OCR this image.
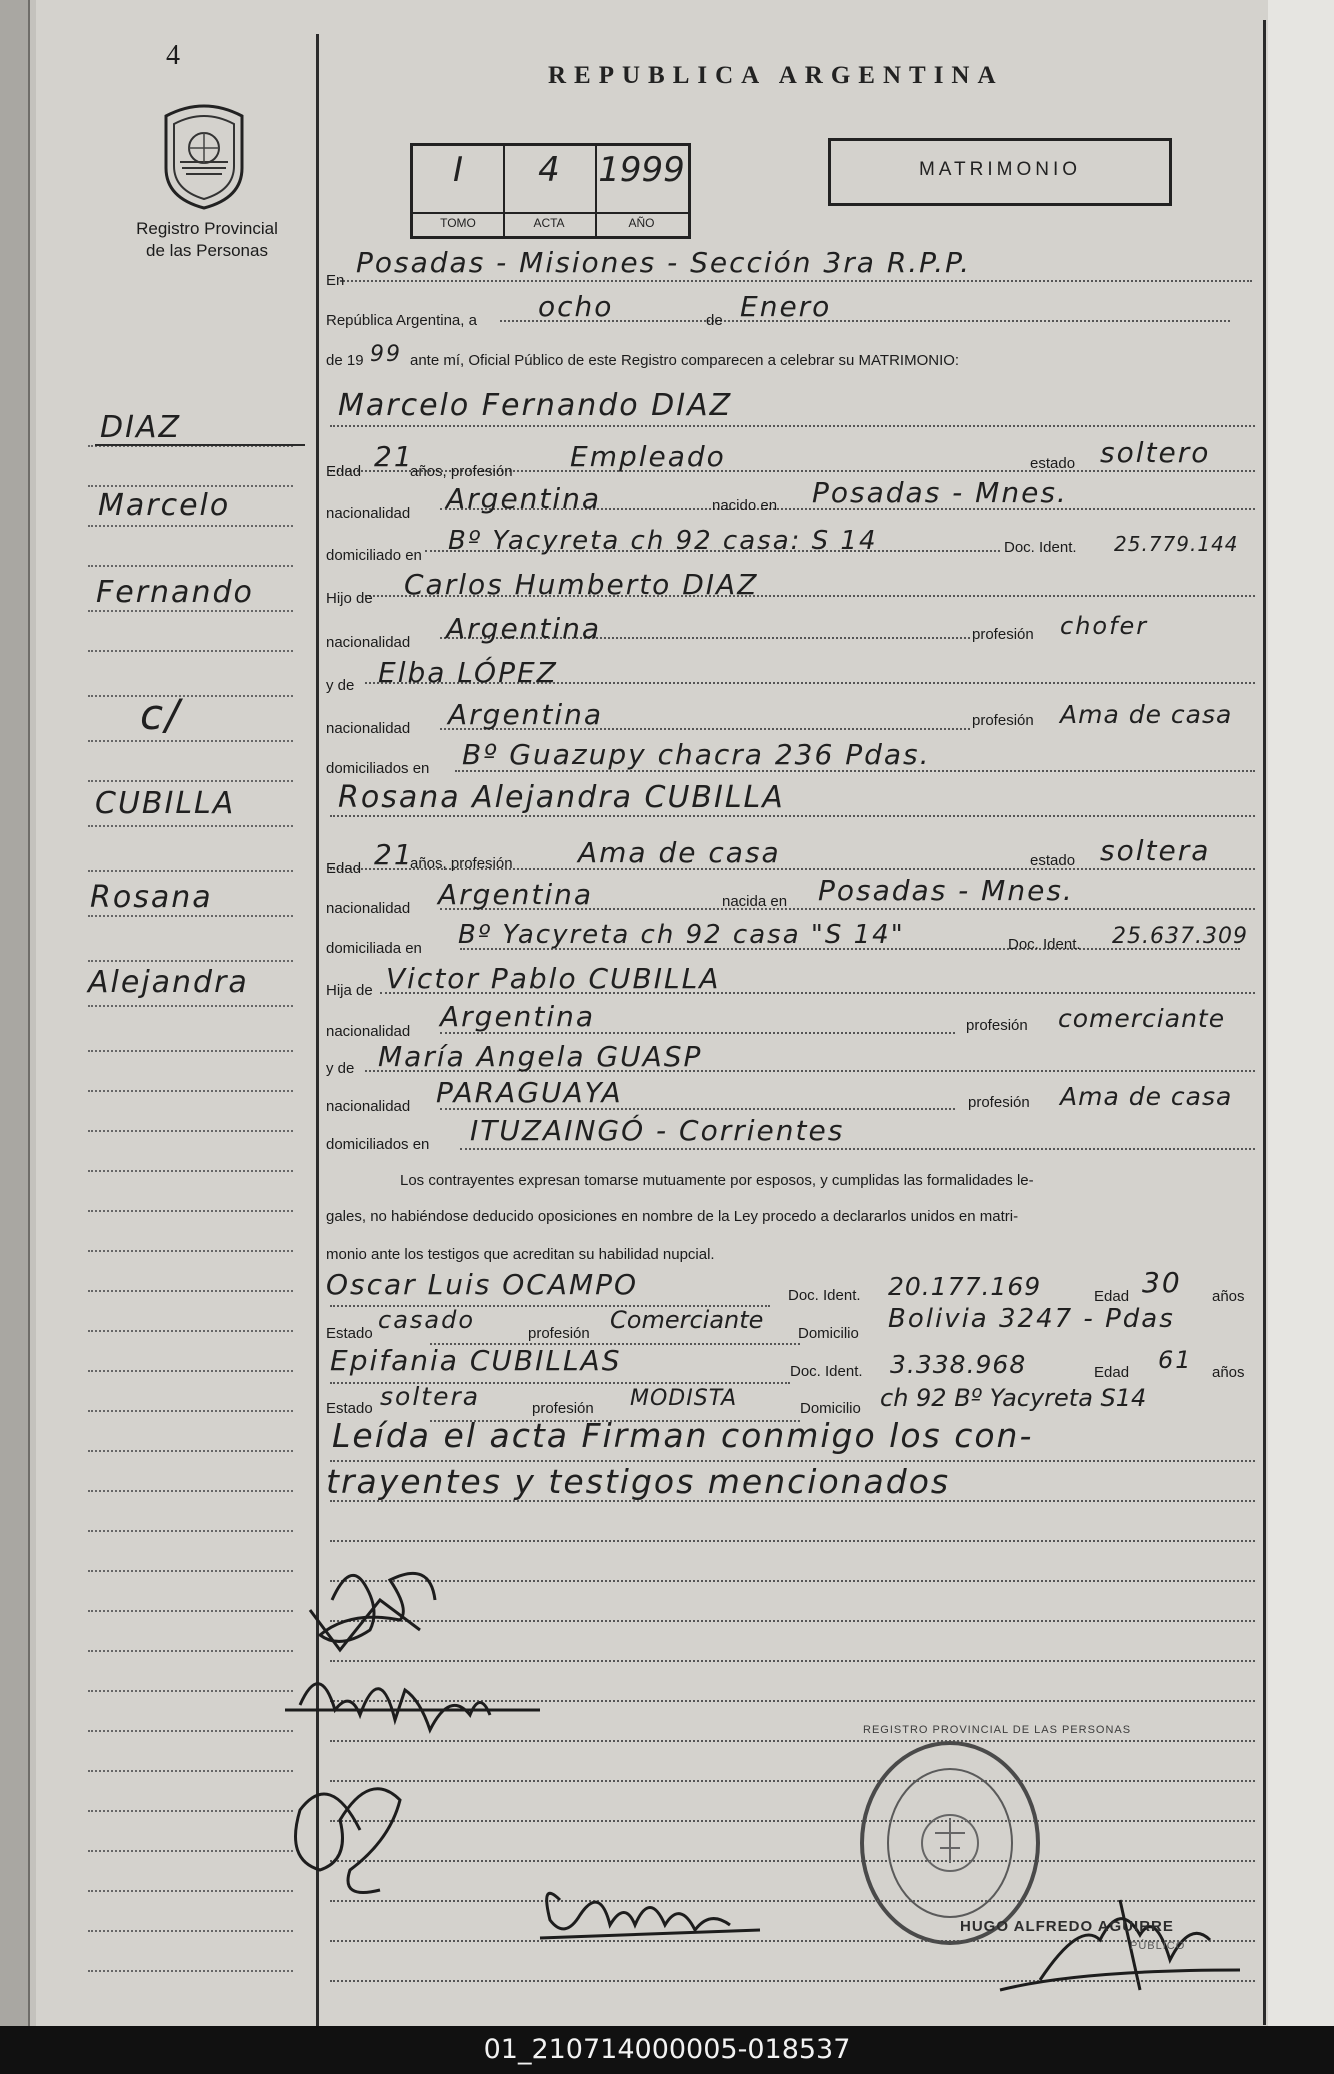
4
Registro Provincial
de las Personas
REPUBLICA ARGENTINA
I
TOMO
4
ACTA
1999
AÑO
MATRIMONIO
DIAZ
Marcelo
Fernando
c/
CUBILLA
Rosana
Alejandra
En
Posadas - Misiones - Sección 3ra R.P.P.
República Argentina, a ocho	de Enero
de 19 99 ante mí, Oficial Público de este Registro comparecen a celebrar su MATRIMONIO:
Marcelo Fernando DIAZ
Edad 21
años, profesión Empleado	estado soltero
nacionalidad Argentina	nacido en Posadas - Mnes.
domiciliado en Bº Yacyreta ch 92 casa: S 14	Doc. Ident. 25.779.144
Hijo de Carlos Humberto DIAZ
nacionalidad Argentina	profesión chofer
y de Elba LÓPEZ
nacionalidad Argentina	profesión Ama de casa
domiciliados en Bº Guazupy chacra 236 Pdas.
Rosana Alejandra CUBILLA
Edad 21
años, profesión Ama de casa	estado soltera
nacionalidad Argentina	nacida en Posadas - Mnes.
domiciliada en Bº Yacyreta ch 92 casa "S 14"	Doc. Ident. 25.637.309
Hija de Victor Pablo CUBILLA
nacionalidad Argentina	profesión comerciante
y de María Angela GUASP
nacionalidad PARAGUAYA	profesión Ama de casa
domiciliados en ITUZAINGÓ - Corrientes
Los contrayentes expresan tomarse mutuamente por esposos, y cumplidas las formalidades le-
gales, no habiéndose deducido oposiciones en nombre de la Ley procedo a declararlos unidos en matri-
monio ante los testigos que acreditan su habilidad nupcial.
Oscar Luis OCAMPO	Doc. Ident. 20.177.169	Edad 30 años
Estado casado	profesión Comerciante Domicilio Bolivia 3247 - Pdas
Epifania CUBILLAS	Doc. Ident. 3.338.968	Edad 61 años
Estado soltera	profesión MODISTA	Domicilio ch 92 Bº Yacyreta S14
Leída el acta Firman conmigo los con-
trayentes y testigos mencionados
REGISTRO PROVINCIAL DE LAS PERSONAS
HUGO ALFREDO AGUIRRE
PÚBLICO
01_210714000005-018537
